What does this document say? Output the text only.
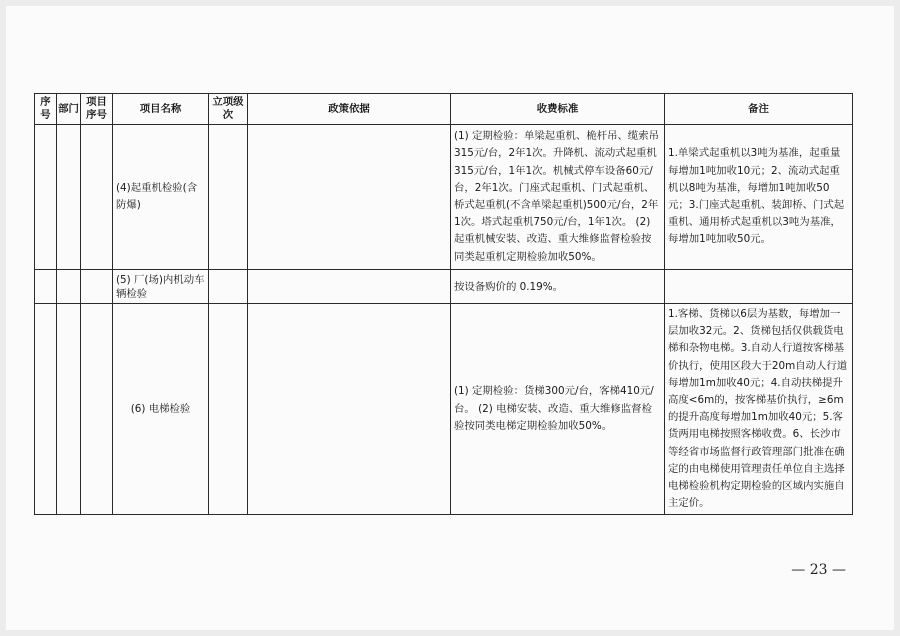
序号	部门	项目序号	项目名称	立项级次	政策依据	收费标准	备注
			(4)起重机检验(含防爆)			(1) 定期检验：单梁起重机、桅杆吊、缆索吊315元/台，2年1次。升降机、流动式起重机315元/台，1年1次。机械式停车设备60元/台，2年1次。门座式起重机、门式起重机、桥式起重机(不含单梁起重机)500元/台，2年1次。塔式起重机750元/台，1年1次。 (2) 起重机械安装、改造、重大维修监督检验按同类起重机定期检验加收50%。	1.单梁式起重机以3吨为基准，起重量每增加1吨加收10元；2、流动式起重机以8吨为基准，每增加1吨加收50元；3.门座式起重机、装卸桥、门式起重机、通用桥式起重机以3吨为基准，每增加1吨加收50元。
			(5) 厂(场)内机动车辆检验			按设备购价的 0.19%。	
			(6) 电梯检验			(1) 定期检验：货梯300元/台，客梯410元/台。 (2) 电梯安装、改造、重大维修监督检验按同类电梯定期检验加收50%。	1.客梯、货梯以6层为基数，每增加一层加收32元。2、货梯包括仅供载货电梯和杂物电梯。3.自动人行道按客梯基价执行，使用区段大于20m自动人行道每增加1m加收40元；4.自动扶梯提升高度<6m的，按客梯基价执行，≥6m的提升高度每增加1m加收40元；5.客货两用电梯按照客梯收费。6、长沙市等经省市场监督行政管理部门批准在确定的由电梯使用管理责任单位自主选择电梯检验机构定期检验的区域内实施自主定价。
— 23 —
